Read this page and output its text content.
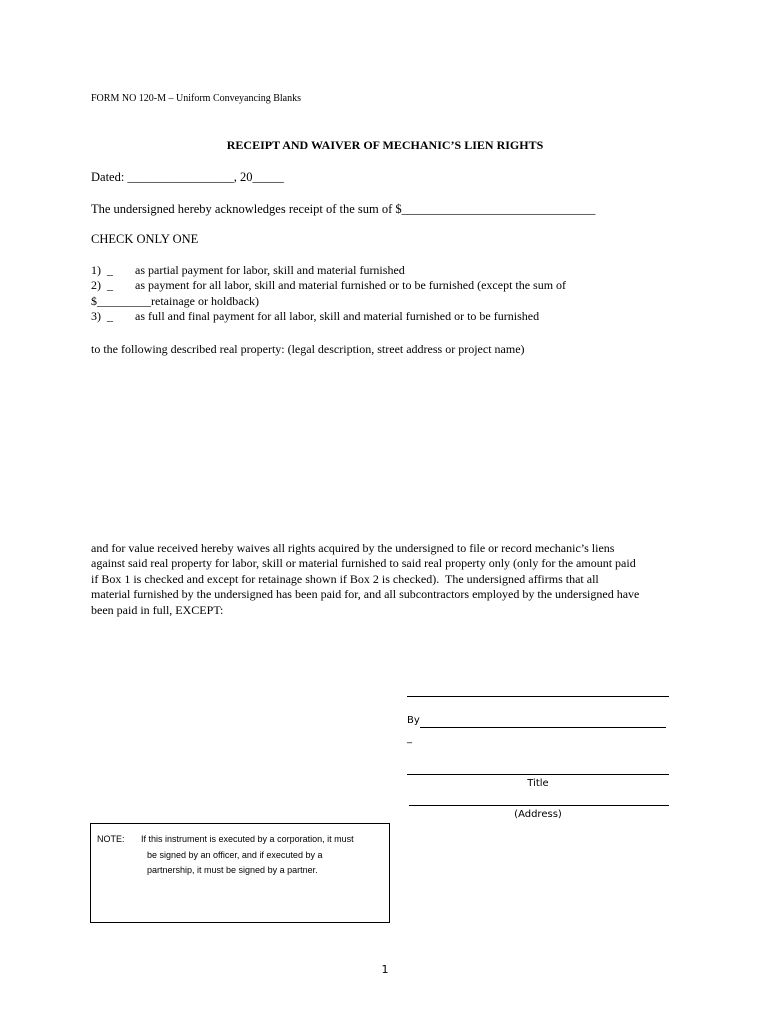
FORM NO 120-M – Uniform Conveyancing Blanks
RECEIPT AND WAIVER OF MECHANIC’S LIEN RIGHTS
Dated: _________________, 20_____
The undersigned hereby acknowledges receipt of the sum of $_______________________________
CHECK ONLY ONE
1)  _ as partial payment for labor, skill and material furnished
2)  _ as payment for all labor, skill and material furnished or to be furnished (except the sum of
$_________retainage or holdback)
3)  _ as full and final payment for all labor, skill and material furnished or to be furnished
to the following described real property: (legal description, street address or project name)
and for value received hereby waives all rights acquired by the undersigned to file or record mechanic’s liens
against said real property for labor, skill or material furnished to said real property only (only for the amount paid
if Box 1 is checked and except for retainage shown if Box 2 is checked).  The undersigned affirms that all
material furnished by the undersigned has been paid for, and all subcontractors employed by the undersigned have
been paid in full, EXCEPT:
By
_
Title
(Address)
NOTE: If this instrument is executed by a corporation, it must
be signed by an officer, and if executed by a
partnership, it must be signed by a partner.
1
